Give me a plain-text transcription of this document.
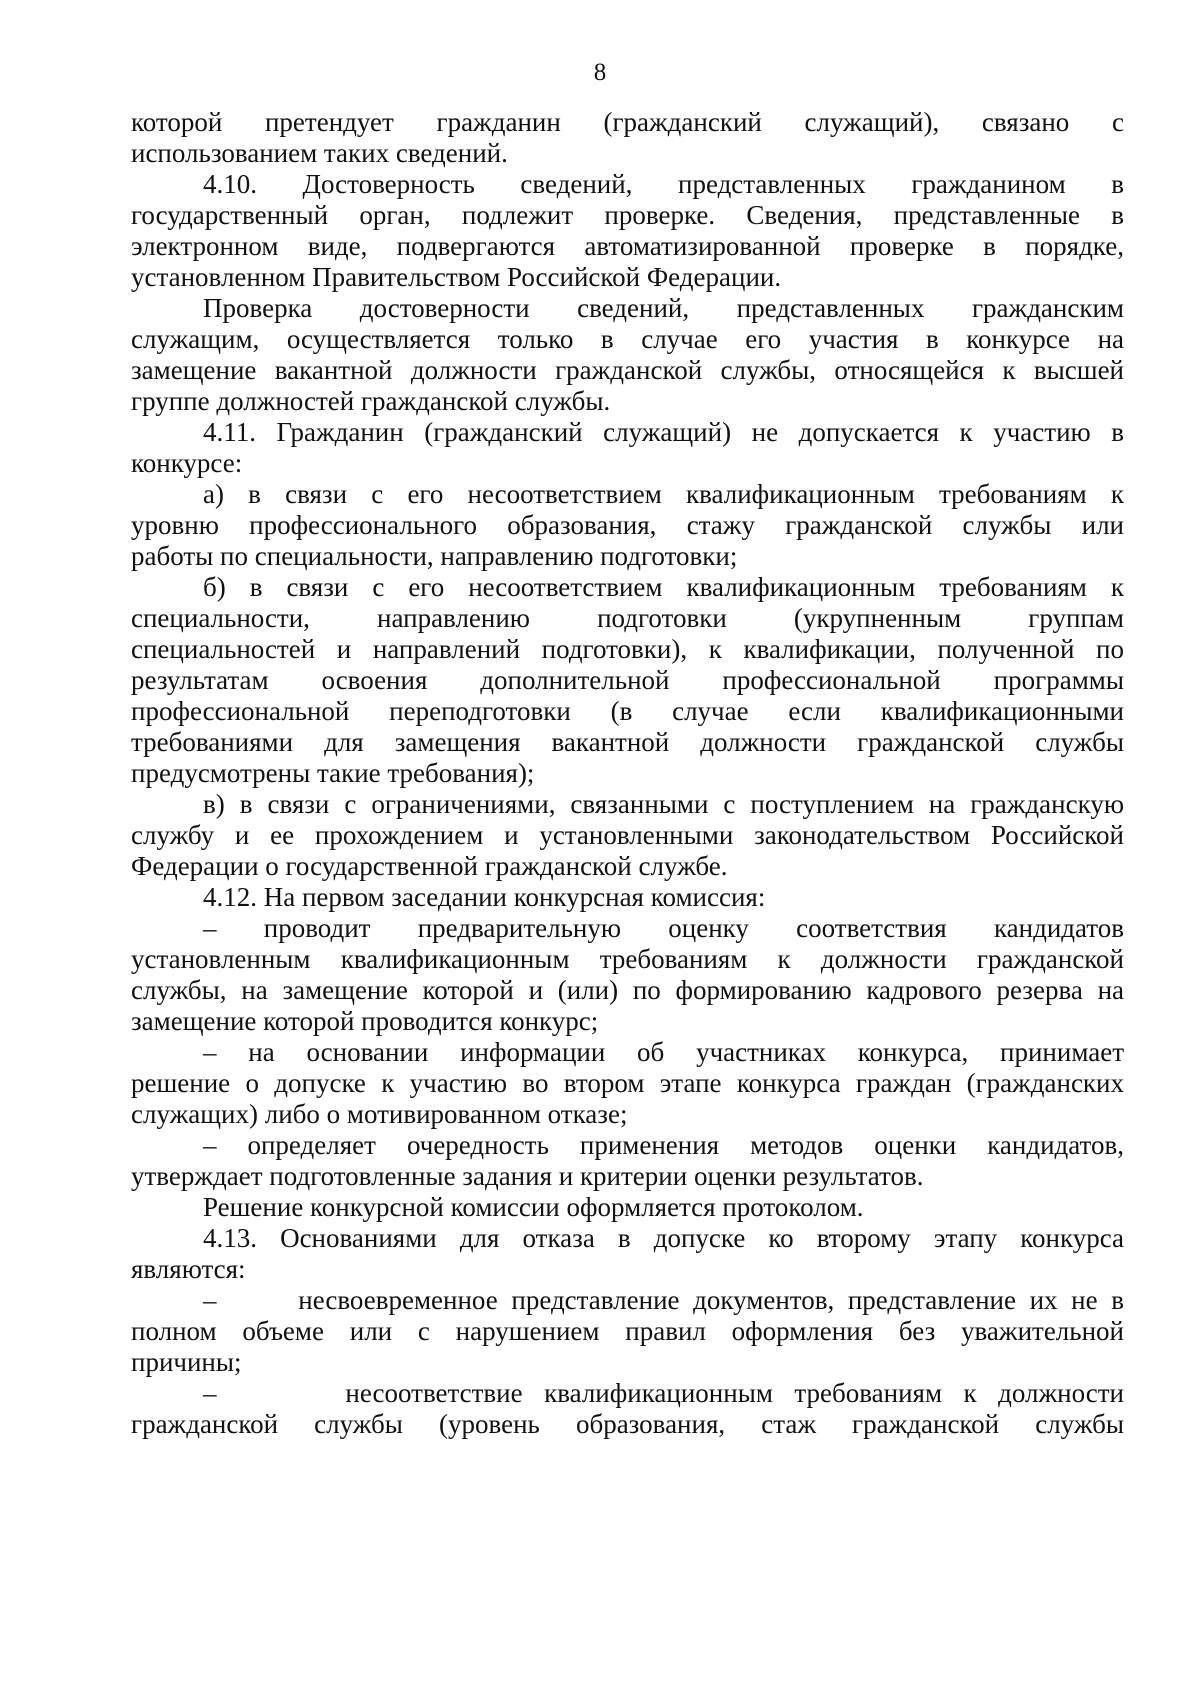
8
которой претендует гражданин (гражданский служащий), связано с
использованием таких сведений.
4.10. Достоверность сведений, представленных гражданином в
государственный орган, подлежит проверке. Сведения, представленные в
электронном виде, подвергаются автоматизированной проверке в порядке,
установленном Правительством Российской Федерации.
Проверка достоверности сведений, представленных гражданским
служащим, осуществляется только в случае его участия в конкурсе на
замещение вакантной должности гражданской службы, относящейся к высшей
группе должностей гражданской службы.
4.11. Гражданин (гражданский служащий) не допускается к участию в
конкурсе:
а) в связи с его несоответствием квалификационным требованиям к
уровню профессионального образования, стажу гражданской службы или
работы по специальности, направлению подготовки;
б) в связи с его несоответствием квалификационным требованиям к
специальности, направлению подготовки (укрупненным группам
специальностей и направлений подготовки), к квалификации, полученной по
результатам освоения дополнительной профессиональной программы
профессиональной переподготовки (в случае если квалификационными
требованиями для замещения вакантной должности гражданской службы
предусмотрены такие требования);
в) в связи с ограничениями, связанными с поступлением на гражданскую
службу и ее прохождением и установленными законодательством Российской
Федерации о государственной гражданской службе.
4.12. На первом заседании конкурсная комиссия:
– проводит предварительную оценку соответствия кандидатов
установленным квалификационным требованиям к должности гражданской
службы, на замещение которой и (или) по формированию кадрового резерва на
замещение которой проводится конкурс;
– на основании информации об участниках конкурса, принимает
решение о допуске к участию во втором этапе конкурса граждан (гражданских
служащих) либо о мотивированном отказе;
– определяет очередность применения методов оценки кандидатов,
утверждает подготовленные задания и критерии оценки результатов.
Решение конкурсной комиссии оформляется протоколом.
4.13. Основаниями для отказа в допуске ко второму этапу конкурса
являются:
–      несвоевременное представление документов, представление их не в
полном объеме или с нарушением правил оформления без уважительной
причины;
–      несоответствие квалификационным требованиям к должности
гражданской службы (уровень образования, стаж гражданской службы
